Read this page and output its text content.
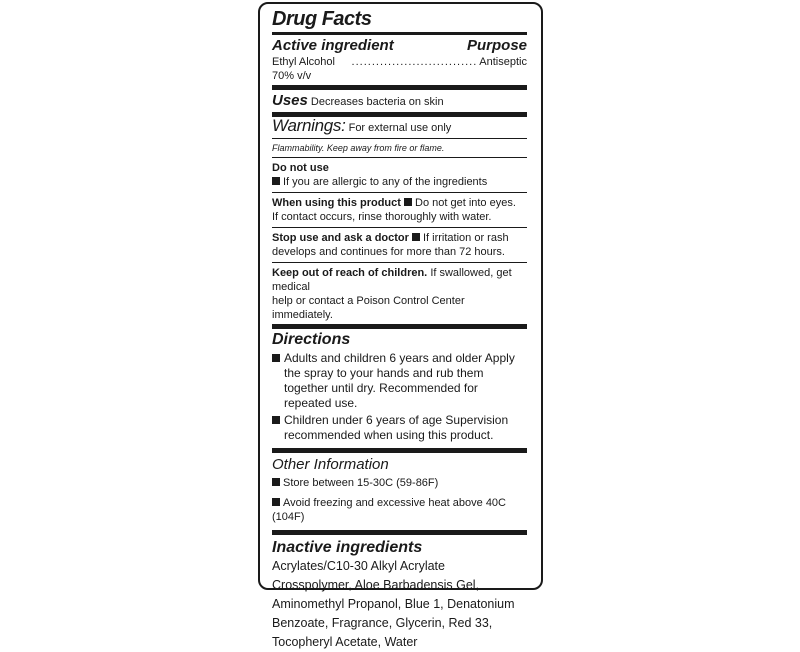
Drug Facts
Active ingredient	Purpose
Ethyl Alcohol 70% v/v
............................... Antiseptic
Uses Decreases bacteria on skin
Warnings: For external use only
Flammability. Keep away from fire or flame.
Do not use
If you are allergic to any of the ingredients
When using this product Do not get into eyes.
If contact occurs, rinse thoroughly with water.
Stop use and ask a doctor If irritation or rash
develops and continues for more than 72 hours.
Keep out of reach of children. If swallowed, get medical
help or contact a Poison Control Center immediately.
Directions
Adults and children 6 years and older Apply the spray to your hands and rub them together until dry. Recommended for repeated use.
Children under 6 years of age Supervision recommended when using this product.
Other Information
Store between 15-30C (59-86F)
Avoid freezing and excessive heat above 40C (104F)
Inactive ingredients
Acrylates/C10-30 Alkyl Acrylate Crosspolymer, Aloe Barbadensis Gel, Aminomethyl Propanol, Blue 1, Denatonium Benzoate, Fragrance, Glycerin, Red 33, Tocopheryl Acetate, Water
